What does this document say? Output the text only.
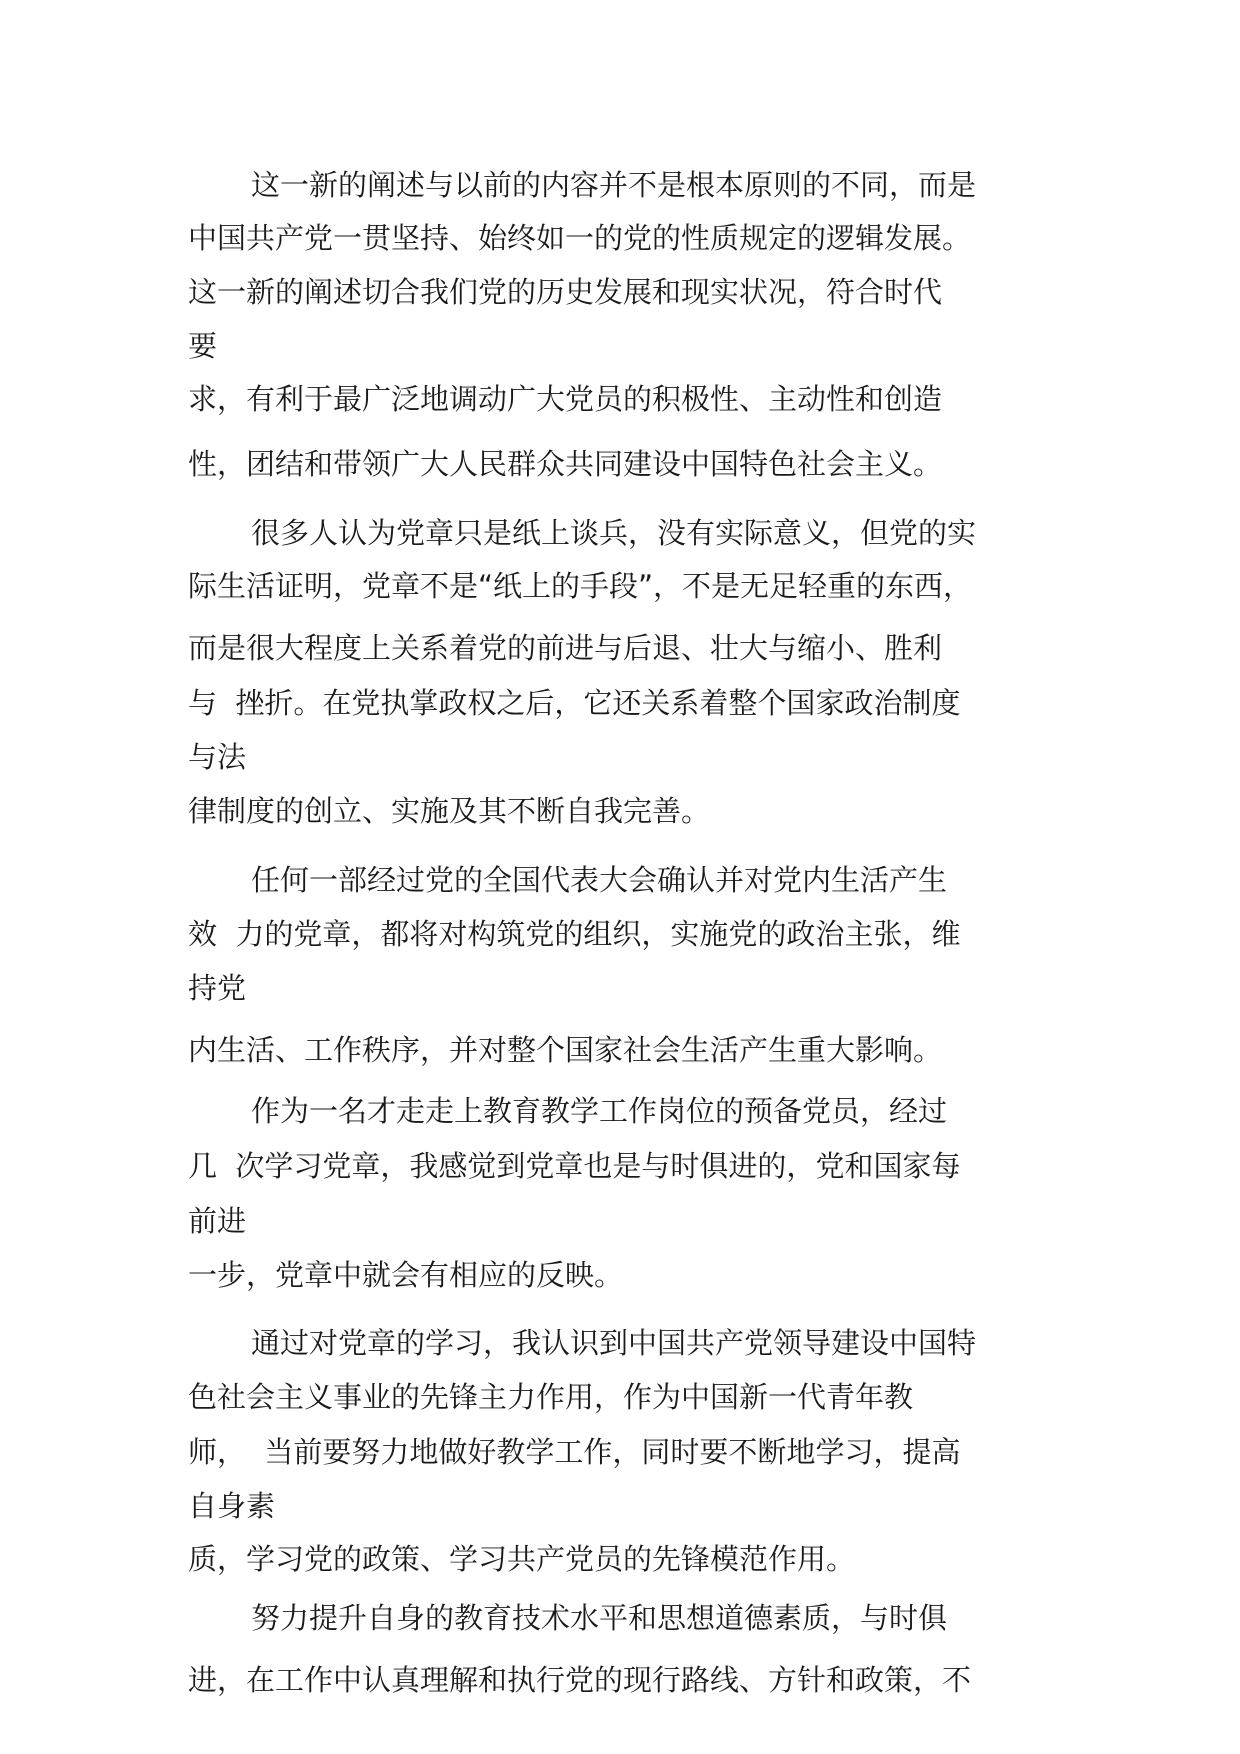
这一新的阐述与以前的内容并不是根本原则的不同，而是
中国共产党一贯坚持、始终如一的党的性质规定的逻辑发展。
这一新的阐述切合我们党的历史发展和现实状况，符合时代
要
求，有利于最广泛地调动广大党员的积极性、主动性和创造
性，团结和带领广大人民群众共同建设中国特色社会主义。
很多人认为党章只是纸上谈兵，没有实际意义，但党的实
际生活证明，党章不是“纸上的手段”，不是无足轻重的东西，
而是很大程度上关系着党的前进与后退、壮大与缩小、胜利
与  挫折。在党执掌政权之后，它还关系着整个国家政治制度
与法
律制度的创立、实施及其不断自我完善。
任何一部经过党的全国代表大会确认并对党内生活产生
效  力的党章，都将对构筑党的组织，实施党的政治主张，维
持党
内生活、工作秩序，并对整个国家社会生活产生重大影响。
作为一名才走走上教育教学工作岗位的预备党员，经过
几  次学习党章，我感觉到党章也是与时俱进的，党和国家每
前进
一步，党章中就会有相应的反映。
通过对党章的学习，我认识到中国共产党领导建设中国特
色社会主义事业的先锋主力作用，作为中国新一代青年教
师，  当前要努力地做好教学工作，同时要不断地学习，提高
自身素
质，学习党的政策、学习共产党员的先锋模范作用。
努力提升自身的教育技术水平和思想道德素质，与时俱
进，在工作中认真理解和执行党的现行路线、方针和政策，不
